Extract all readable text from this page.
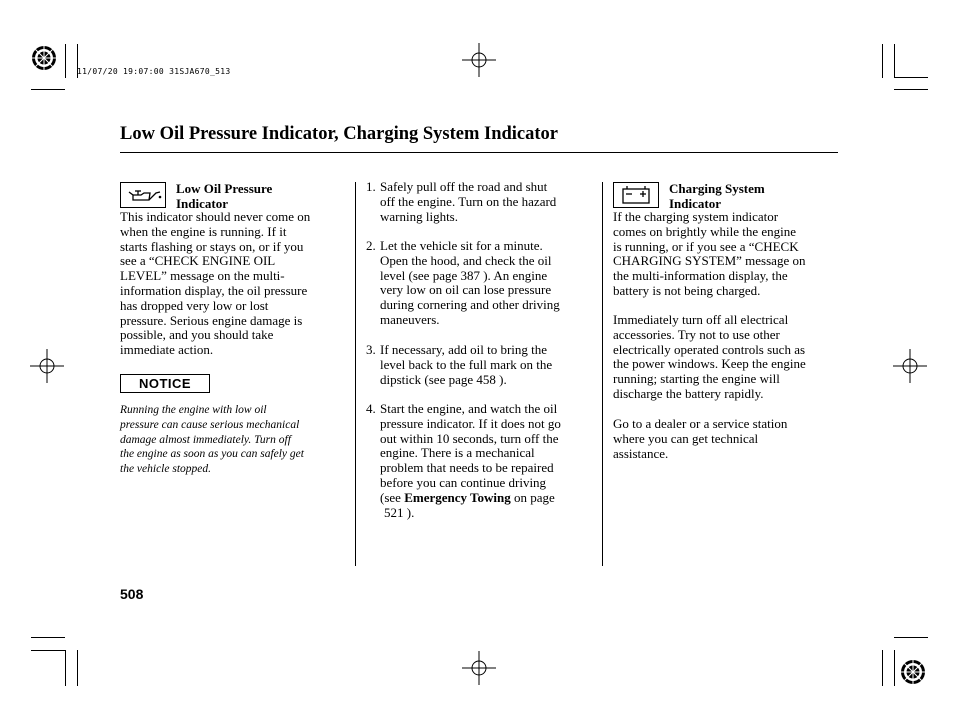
11/07/20 19:07:00 31SJA670_513
Low Oil Pressure Indicator, Charging System Indicator
Low Oil Pressure
Indicator
This indicator should never come on
when the engine is running. If it
starts flashing or stays on, or if you
see a “CHECK ENGINE OIL
LEVEL” message on the multi-
information display, the oil pressure
has dropped very low or lost
pressure. Serious engine damage is
possible, and you should take
immediate action.
NOTICE
Running the engine with low oil
pressure can cause serious mechanical
damage almost immediately. Turn off
the engine as soon as you can safely get
the vehicle stopped.
1. Safely pull off the road and shut
off the engine. Turn on the hazard
warning lights.
2. Let the vehicle sit for a minute.
Open the hood, and check the oil
level (see page 387 ). An engine
very low on oil can lose pressure
during cornering and other driving
maneuvers.
3. If necessary, add oil to bring the
level back to the full mark on the
dipstick (see page 458 ).
4. Start the engine, and watch the oil
pressure indicator. If it does not go
out within 10 seconds, turn off the
engine. There is a mechanical
problem that needs to be repaired
before you can continue driving
(see Emergency Towing on page
521 ).
Charging System
Indicator
If the charging system indicator
comes on brightly while the engine
is running, or if you see a “CHECK
CHARGING SYSTEM” message on
the multi-information display, the
battery is not being charged.
Immediately turn off all electrical
accessories. Try not to use other
electrically operated controls such as
the power windows. Keep the engine
running; starting the engine will
discharge the battery rapidly.
Go to a dealer or a service station
where you can get technical
assistance.
508
